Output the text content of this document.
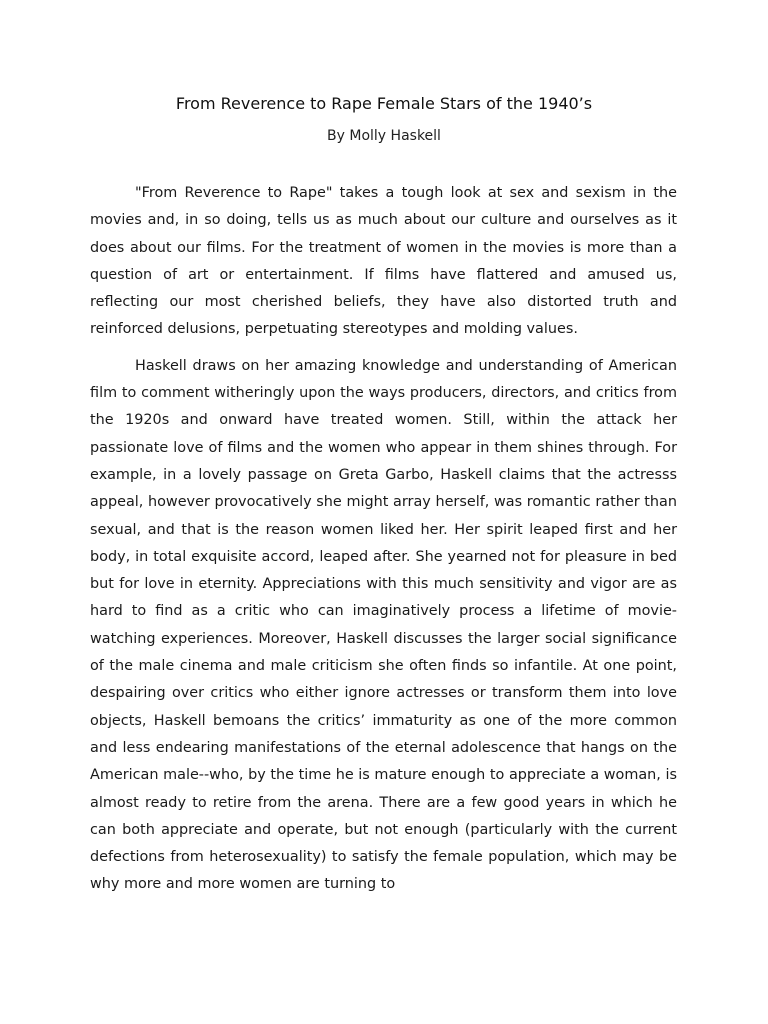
From Reverence to Rape Female Stars of the 1940’s
By Molly Haskell

"From Reverence to Rape" takes a tough look at sex and sexism in the movies and, in so doing, tells us as much about our culture and ourselves as it does about our films. For the treatment of women in the movies is more than a question of art or entertainment. If films have flattered and amused us, reflecting our most cherished beliefs, they have also distorted truth and reinforced delusions, perpetuating stereotypes and molding values.

Haskell draws on her amazing knowledge and understanding of American film to comment witheringly upon the ways producers, directors, and critics from the 1920s and onward have treated women. Still, within the attack her passionate love of films and the women who appear in them shines through. For example, in a lovely passage on Greta Garbo, Haskell claims that the actresss appeal, however provocatively she might array herself, was romantic rather than sexual, and that is the reason women liked her. Her spirit leaped first and her body, in total exquisite accord, leaped after. She yearned not for pleasure in bed but for love in eternity. Appreciations with this much sensitivity and vigor are as hard to find as a critic who can imaginatively process a lifetime of movie-watching experiences. Moreover, Haskell discusses the larger social significance of the male cinema and male criticism she often finds so infantile. At one point, despairing over critics who either ignore actresses or transform them into love objects, Haskell bemoans the critics’ immaturity as one of the more common and less endearing manifestations of the eternal adolescence that hangs on the American male--who, by the time he is mature enough to appreciate a woman, is almost ready to retire from the arena. There are a few good years in which he can both appreciate and operate, but not enough (particularly with the current defections from heterosexuality) to satisfy the female population, which may be why more and more women are turning to
